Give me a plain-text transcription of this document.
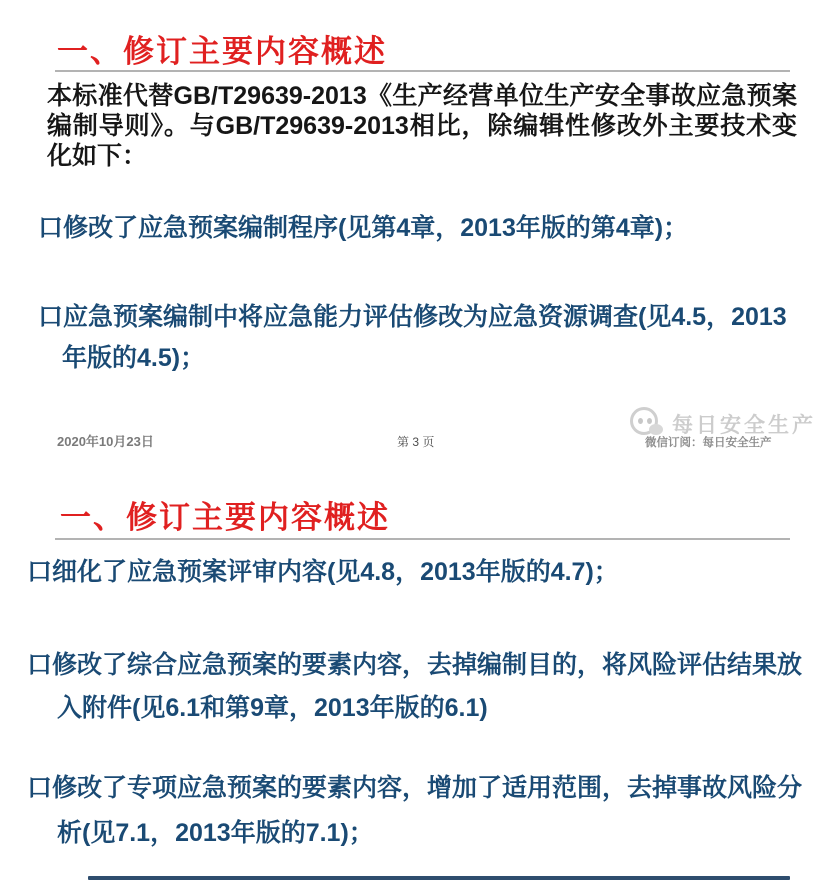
一、修订主要内容概述
本标准代替GB/T29639-2013《生产经营单位生产安全事故应急预案编制导则》。与GB/T29639-2013相比，除编辑性修改外主要技术变化如下：
口修改了应急预案编制程序(见第4章，2013年版的第4章)；
口应急预案编制中将应急能力评估修改为应急资源调查(见4.5，2013年版的4.5)；
2020年10月23日	第 3 页
每日安全生产
微信订阅：每日安全生产
一、修订主要内容概述
口细化了应急预案评审内容(见4.8，2013年版的4.7)；
口修改了综合应急预案的要素内容，去掉编制目的，将风险评估结果放入附件(见6.1和第9章，2013年版的6.1)
口修改了专项应急预案的要素内容，增加了适用范围，去掉事故风险分析(见7.1，2013年版的7.1)；
